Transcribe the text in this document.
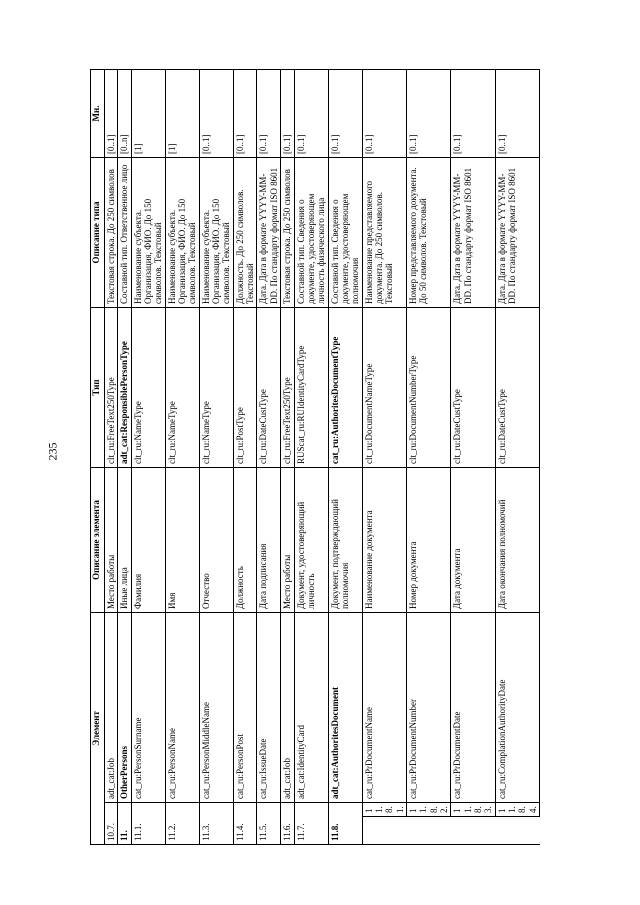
235
Элемент			Описание элемента	Тип	Описание типа	Мн.
10.7.		adt_cat:Job	Место работы	clt_ru:FreeText250Type	Текстовая строка. До 250 символов	[0..1]
11.		OtherPersons	Иные лица	adt_cat:ResponsiblePersonType	Составной тип. Ответственное лицо	[0..n]
11.1.		cat_ru:PersonSurname	Фамилия	clt_ru:NameType	Наименование субъекта. Организация, ФИО. До 150 символов. Текстовый	[1]
11.2.		cat_ru:PersonName	Имя	clt_ru:NameType	Наименование субъекта. Организация, ФИО. До 150 символов. Текстовый	[1]
11.3.		cat_ru:PersonMiddleName	Отчество	clt_ru:NameType	Наименование субъекта. Организация, ФИО. До 150 символов. Текстовый	[0..1]
11.4.		cat_ru:PersonPost	Должность	clt_ru:PostType	Должность. До 250 символов. Текстовый	[0..1]
11.5.		cat_ru:IssueDate	Дата подписания	clt_ru:DateCustType	Дата. Дата в формате YYYY-MM-DD. По стандарту формат ISO 8601	[0..1]
11.6.		adt_cat:Job	Место работы	clt_ru:FreeText250Type	Текстовая строка. До 250 символов	[0..1]
11.7.		adt_cat:IdentityCard	Документ, удостоверяющий личность	RUScat_ru:RUIdentityCardType	Составной тип. Сведения о документе, удостоверяющем личность физического лица	[0..1]
11.8.		adt_cat:AuthoritesDocument	Документ, подтверждающий полномочия	cat_ru:AuthoritesDocumentType	Составной тип. Сведения о документе, удостоверяющем полномочия	[0..1]
	11.8.1.	cat_ru:PrDocumentName	Наименование документа	clt_ru:DocumentNameType	Наименование представляемого документа. До 250 символов. Текстовый	[0..1]
	11.8.2.	cat_ru:PrDocumentNumber	Номер документа	clt_ru:DocumentNumberType	Номер представляемого документа. До 50 символов. Текстовый	[0..1]
	11.8.3.	cat_ru:PrDocumentDate	Дата документа	clt_ru:DateCustType	Дата. Дата в формате YYYY-MM-DD. По стандарту формат ISO 8601	[0..1]
	11.8.4.	cat_ru:ComplationAuthorityDate	Дата окончания полномочий	clt_ru:DateCustType	Дата. Дата в формате YYYY-MM-DD. По стандарту формат ISO 8601	[0..1]
